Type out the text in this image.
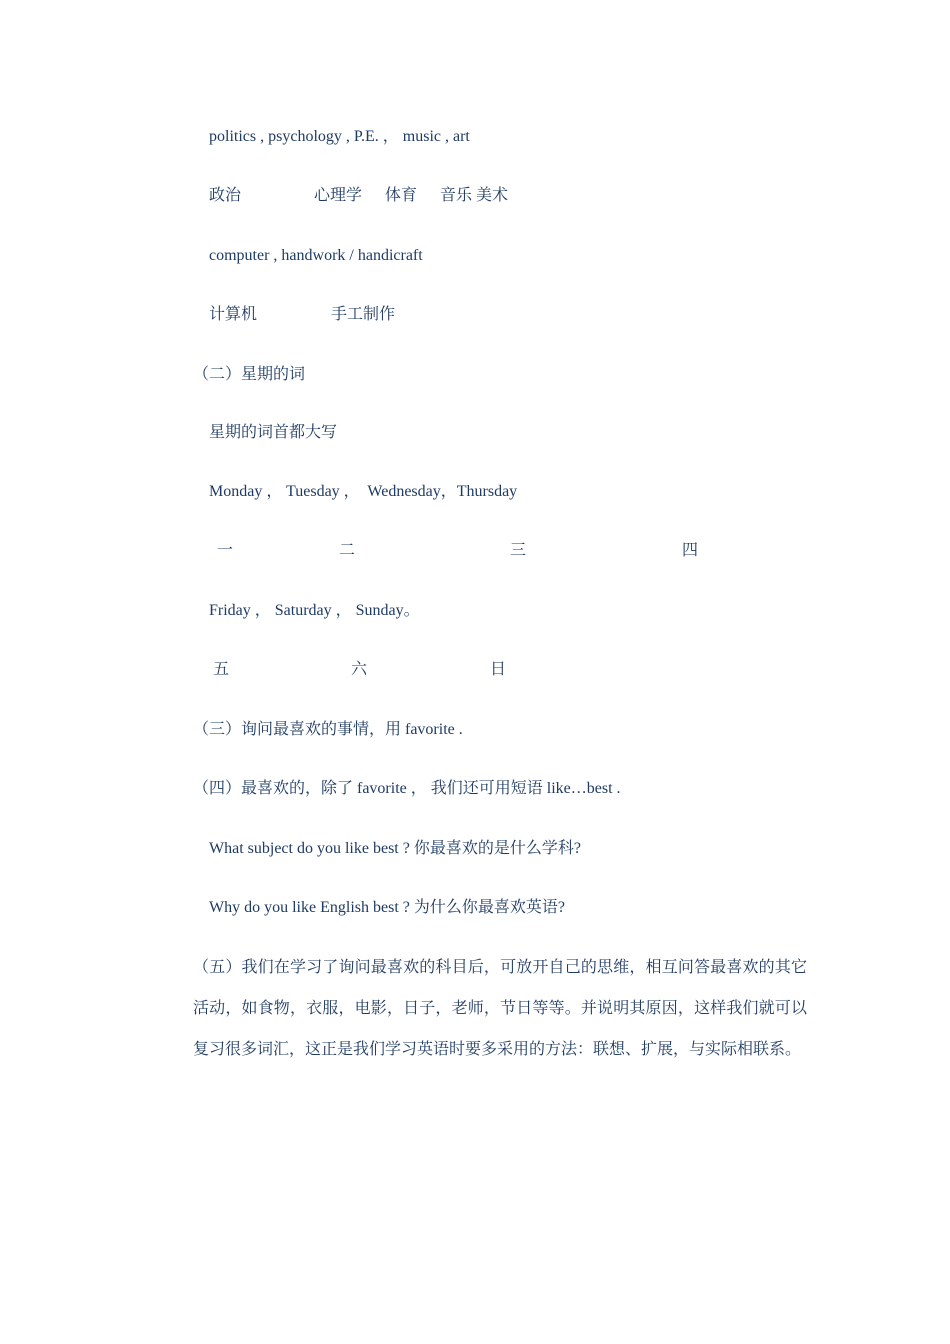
politics , psychology , P.E. ， music , art
政治	心理学 体育 音乐 美术
computer , handwork / handicraft
计算机	手工制作
（二）星期的词
星期的词首都大写
Monday ， Tuesday ，  Wednesday，Thursday
一	二	三	四
Friday ， Saturday ， Sunday。
五	六	日
（三）询问最喜欢的事情，用 favorite .
（四）最喜欢的，除了 favorite ， 我们还可用短语 like…best .
What subject do you like best ? 你最喜欢的是什么学科?
Why do you like English best ? 为什么你最喜欢英语?
（五）我们在学习了询问最喜欢的科目后，可放开自己的思维，相互问答最喜欢的其它活动，如食物，衣服，电影，日子，老师，节日等等。并说明其原因，这样我们就可以复习很多词汇，这正是我们学习英语时要多采用的方法：联想、扩展，与实际相联系。
